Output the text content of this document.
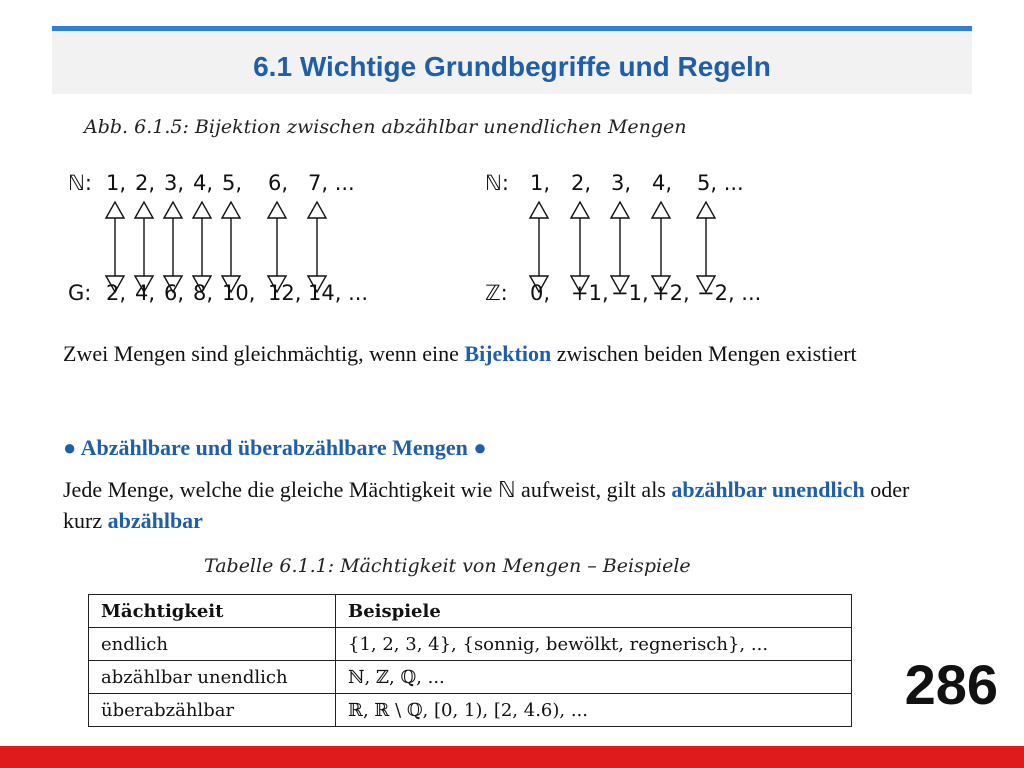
6.1 Wichtige Grundbegriffe und Regeln
Abb. 6.1.5: Bijektion zwischen abzählbar unendlichen Mengen
ℕ:
G:
1, 2, 3, 4, 5, 6, 7, ...
2, 4, 6, 8, 10, 12, 14, ...
ℕ:
ℤ:
1, 2, 3, 4, 5, ...
0, +1, −1, +2, −2, ...
Zwei Mengen sind gleichmächtig, wenn eine Bijektion zwischen beiden Mengen existiert
● Abzählbare und überabzählbare Mengen ●
Jede Menge, welche die gleiche Mächtigkeit wie ℕ aufweist, gilt als abzählbar unendlich oder kurz abzählbar
Tabelle 6.1.1: Mächtigkeit von Mengen – Beispiele
Mächtigkeit	Beispiele
endlich	{1, 2, 3, 4}, {sonnig, bewölkt, regnerisch}, ...
abzählbar unendlich	ℕ, ℤ, ℚ, ...
überabzählbar	ℝ, ℝ \ ℚ, [0, 1), [2, 4.6), ...	286
